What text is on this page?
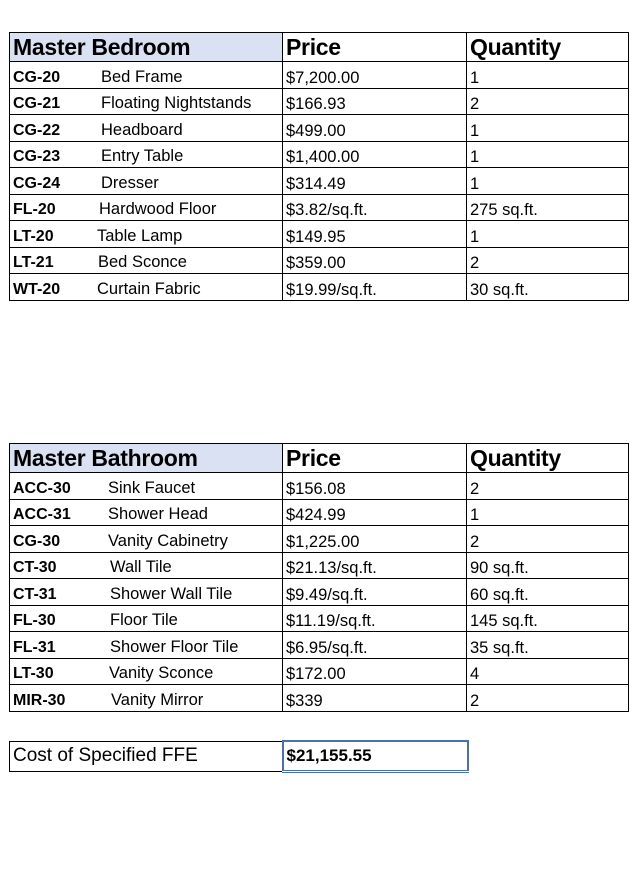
Master Bedroom	Price	Quantity
CG-20 Bed Frame	$7,200.00	1
CG-21 Floating Nightstands	$166.93	2
CG-22 Headboard	$499.00	1
CG-23 Entry Table	$1,400.00	1
CG-24 Dresser	$314.49	1
FL-20 Hardwood Floor	$3.82/sq.ft.	275 sq.ft.
LT-20 Table Lamp	$149.95	1
LT-21 Bed Sconce	$359.00	2
WT-20 Curtain Fabric	$19.99/sq.ft.	30 sq.ft.
Master Bathroom	Price	Quantity
ACC-30 Sink Faucet	$156.08	2
ACC-31 Shower Head	$424.99	1
CG-30 Vanity Cabinetry	$1,225.00	2
CT-30 Wall Tile	$21.13/sq.ft.	90 sq.ft.
CT-31 Shower Wall Tile	$9.49/sq.ft.	60 sq.ft.
FL-30 Floor Tile	$11.19/sq.ft.	145 sq.ft.
FL-31 Shower Floor Tile	$6.95/sq.ft.	35 sq.ft.
LT-30 Vanity Sconce	$172.00	4
MIR-30 Vanity Mirror	$339	2
Cost of Specified FFE	$21,155.55
